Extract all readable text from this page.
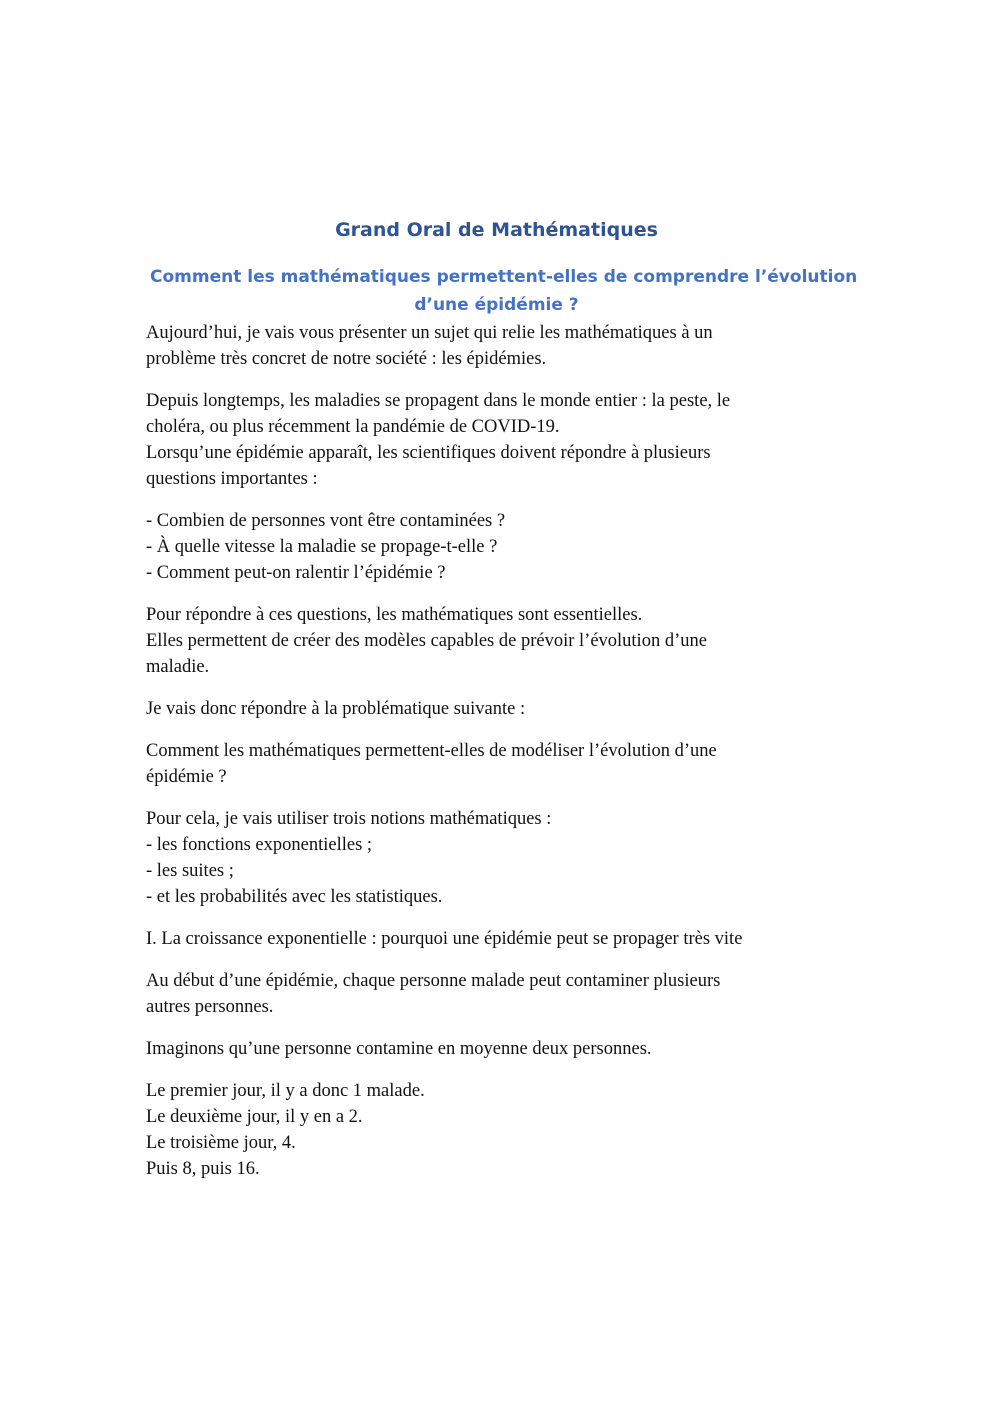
Grand Oral de Mathématiques
Comment les mathématiques permettent-elles de comprendre l’évolution
d’une épidémie ?

Aujourd’hui, je vais vous présenter un sujet qui relie les mathématiques à un
problème très concret de notre société : les épidémies.

Depuis longtemps, les maladies se propagent dans le monde entier : la peste, le
choléra, ou plus récemment la pandémie de COVID-19.
Lorsqu’une épidémie apparaît, les scientifiques doivent répondre à plusieurs
questions importantes :

- Combien de personnes vont être contaminées ?
- À quelle vitesse la maladie se propage-t-elle ?
- Comment peut-on ralentir l’épidémie ?

Pour répondre à ces questions, les mathématiques sont essentielles.
Elles permettent de créer des modèles capables de prévoir l’évolution d’une
maladie.

Je vais donc répondre à la problématique suivante :

Comment les mathématiques permettent-elles de modéliser l’évolution d’une
épidémie ?

Pour cela, je vais utiliser trois notions mathématiques :
- les fonctions exponentielles ;
- les suites ;
- et les probabilités avec les statistiques.

I. La croissance exponentielle : pourquoi une épidémie peut se propager très vite

Au début d’une épidémie, chaque personne malade peut contaminer plusieurs
autres personnes.

Imaginons qu’une personne contamine en moyenne deux personnes.

Le premier jour, il y a donc 1 malade.
Le deuxième jour, il y en a 2.
Le troisième jour, 4.
Puis 8, puis 16.
